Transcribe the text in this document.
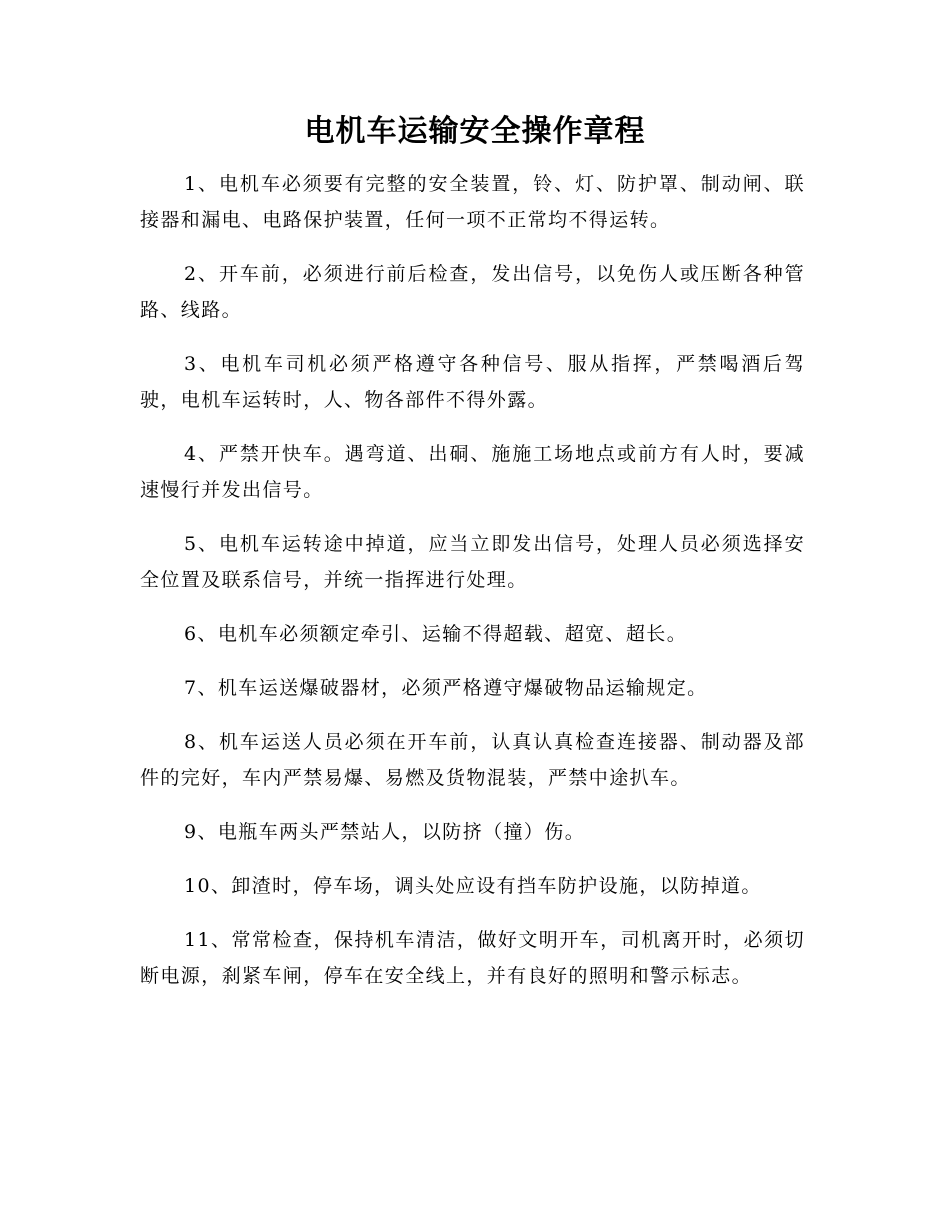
电机车运输安全操作章程

1、电机车必须要有完整的安全装置，铃、灯、防护罩、制动闸、联接器和漏电、电路保护装置，任何一项不正常均不得运转。

2、开车前，必须进行前后检查，发出信号，以免伤人或压断各种管路、线路。

3、电机车司机必须严格遵守各种信号、服从指挥，严禁喝酒后驾驶，电机车运转时，人、物各部件不得外露。

4、严禁开快车。遇弯道、出硐、施施工场地点或前方有人时，要减速慢行并发出信号。

5、电机车运转途中掉道，应当立即发出信号，处理人员必须选择安全位置及联系信号，并统一指挥进行处理。

6、电机车必须额定牵引、运输不得超载、超宽、超长。

7、机车运送爆破器材，必须严格遵守爆破物品运输规定。

8、机车运送人员必须在开车前，认真认真检查连接器、制动器及部件的完好，车内严禁易爆、易燃及货物混装，严禁中途扒车。

9、电瓶车两头严禁站人，以防挤（撞）伤。

10、卸渣时，停车场，调头处应设有挡车防护设施，以防掉道。

11、常常检查，保持机车清洁，做好文明开车，司机离开时，必须切断电源，刹紧车闸，停车在安全线上，并有良好的照明和警示标志。
